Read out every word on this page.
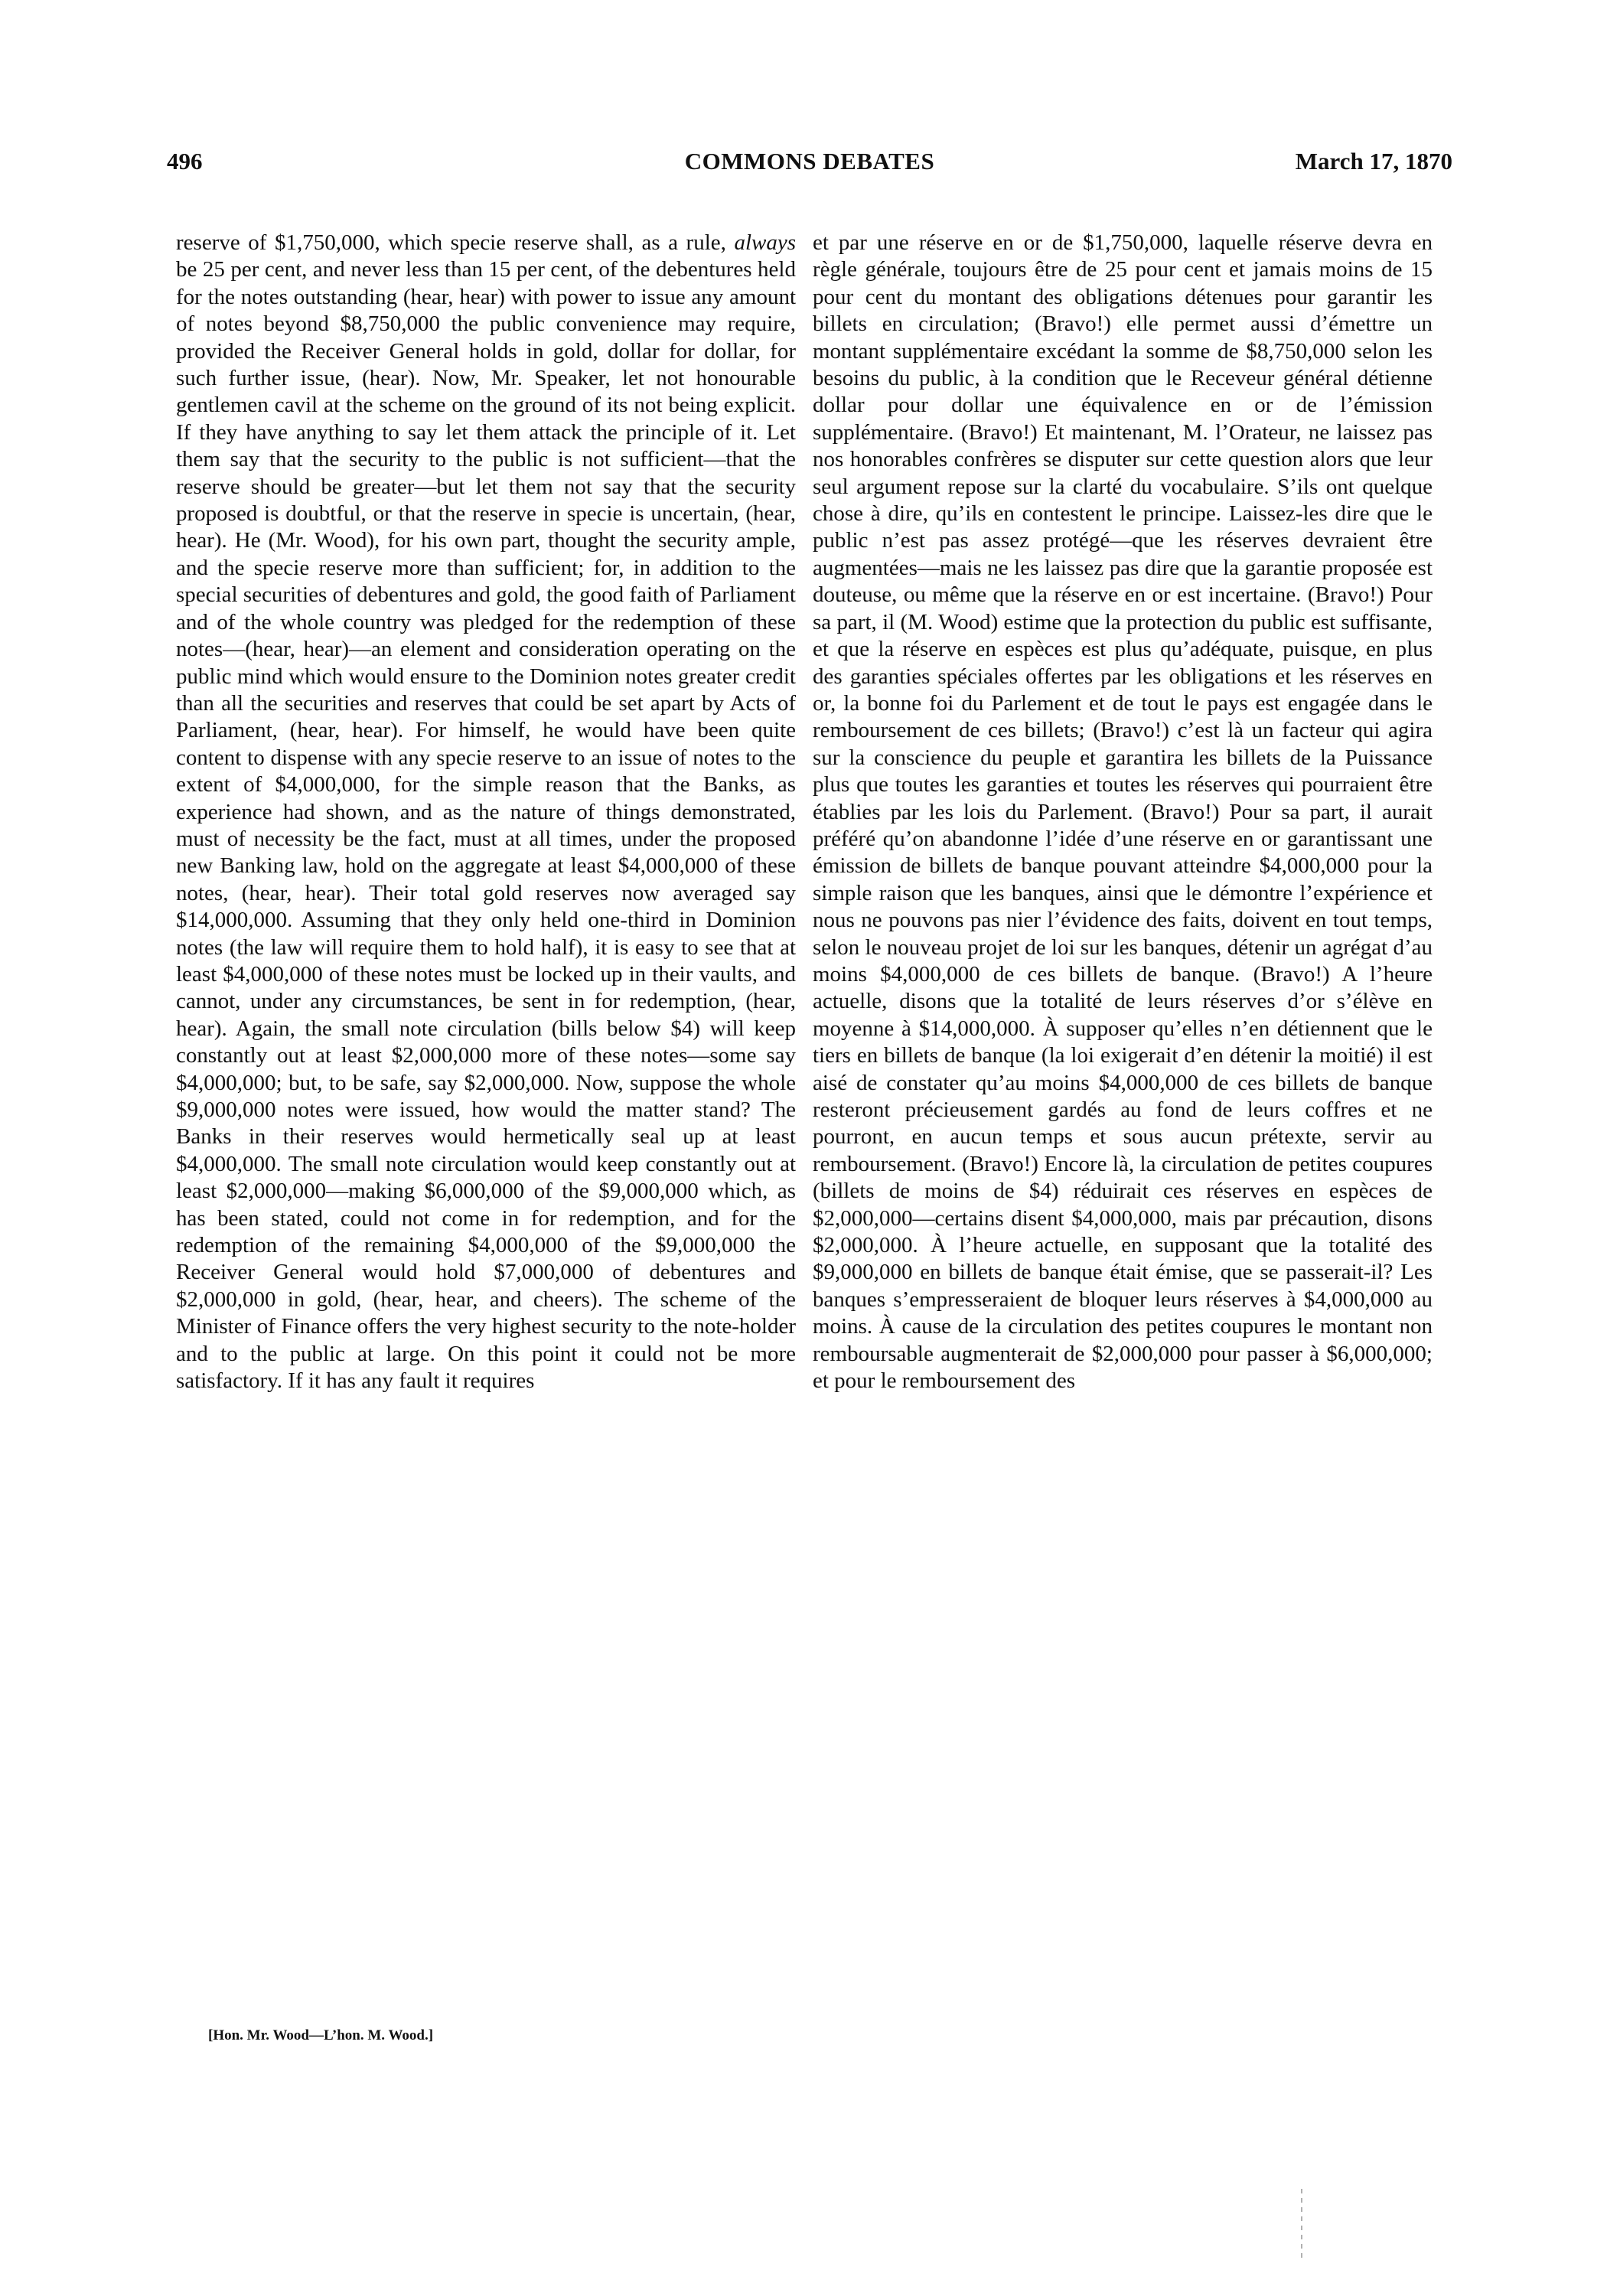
496	COMMONS DEBATES	March 17, 1870

reserve of $1,750,000, which specie reserve shall, as a rule, always be 25 per cent, and never less than 15 per cent, of the debentures held for the notes outstanding (hear, hear) with power to issue any amount of notes beyond $8,750,000 the public convenience may require, provided the Receiver General holds in gold, dollar for dollar, for such further issue, (hear). Now, Mr. Speaker, let not honourable gentlemen cavil at the scheme on the ground of its not being explicit. If they have anything to say let them attack the principle of it. Let them say that the security to the public is not sufficient—that the reserve should be greater—but let them not say that the security proposed is doubtful, or that the reserve in specie is uncertain, (hear, hear). He (Mr. Wood), for his own part, thought the security ample, and the specie reserve more than sufficient; for, in addition to the special securities of debentures and gold, the good faith of Parliament and of the whole country was pledged for the redemption of these notes—(hear, hear)—an element and consideration operating on the public mind which would ensure to the Dominion notes greater credit than all the securities and reserves that could be set apart by Acts of Parliament, (hear, hear). For himself, he would have been quite content to dispense with any specie reserve to an issue of notes to the extent of $4,000,000, for the simple reason that the Banks, as experience had shown, and as the nature of things demonstrated, must of necessity be the fact, must at all times, under the proposed new Banking law, hold on the aggregate at least $4,000,000 of these notes, (hear, hear). Their total gold reserves now averaged say $14,000,000. Assuming that they only held one-third in Dominion notes (the law will require them to hold half), it is easy to see that at least $4,000,000 of these notes must be locked up in their vaults, and cannot, under any circumstances, be sent in for redemption, (hear, hear). Again, the small note circulation (bills below $4) will keep constantly out at least $2,000,000 more of these notes—some say $4,000,000; but, to be safe, say $2,000,000. Now, suppose the whole $9,000,000 notes were issued, how would the matter stand? The Banks in their reserves would hermetically seal up at least $4,000,000. The small note circulation would keep constantly out at least $2,000,000—making $6,000,000 of the $9,000,000 which, as has been stated, could not come in for redemption, and for the redemption of the remaining $4,000,000 of the $9,000,000 the Receiver General would hold $7,000,000 of debentures and $2,000,000 in gold, (hear, hear, and cheers). The scheme of the Minister of Finance offers the very highest security to the note-holder and to the public at large. On this point it could not be more satisfactory. If it has any fault it requires

et par une réserve en or de $1,750,000, laquelle réserve devra en règle générale, toujours être de 25 pour cent et jamais moins de 15 pour cent du montant des obligations détenues pour garantir les billets en circulation; (Bravo!) elle permet aussi d’émettre un montant supplémentaire excédant la somme de $8,750,000 selon les besoins du public, à la condition que le Receveur général détienne dollar pour dollar une équivalence en or de l’émission supplémentaire. (Bravo!) Et maintenant, M. l’Orateur, ne laissez pas nos honorables confrères se disputer sur cette question alors que leur seul argument repose sur la clarté du vocabulaire. S’ils ont quelque chose à dire, qu’ils en contestent le principe. Laissez-les dire que le public n’est pas assez protégé—que les réserves devraient être augmentées—mais ne les laissez pas dire que la garantie proposée est douteuse, ou même que la réserve en or est incertaine. (Bravo!) Pour sa part, il (M. Wood) estime que la protection du public est suffisante, et que la réserve en espèces est plus qu’adéquate, puisque, en plus des garanties spéciales offertes par les obligations et les réserves en or, la bonne foi du Parlement et de tout le pays est engagée dans le remboursement de ces billets; (Bravo!) c’est là un facteur qui agira sur la conscience du peuple et garantira les billets de la Puissance plus que toutes les garanties et toutes les réserves qui pourraient être établies par les lois du Parlement. (Bravo!) Pour sa part, il aurait préféré qu’on abandonne l’idée d’une réserve en or garantissant une émission de billets de banque pouvant atteindre $4,000,000 pour la simple raison que les banques, ainsi que le démontre l’expérience et nous ne pouvons pas nier l’évidence des faits, doivent en tout temps, selon le nouveau projet de loi sur les banques, détenir un agrégat d’au moins $4,000,000 de ces billets de banque. (Bravo!) A l’heure actuelle, disons que la totalité de leurs réserves d’or s’élève en moyenne à $14,000,000. À supposer qu’elles n’en détiennent que le tiers en billets de banque (la loi exigerait d’en détenir la moitié) il est aisé de constater qu’au moins $4,000,000 de ces billets de banque resteront précieusement gardés au fond de leurs coffres et ne pourront, en aucun temps et sous aucun prétexte, servir au remboursement. (Bravo!) Encore là, la circulation de petites coupures (billets de moins de $4) réduirait ces réserves en espèces de $2,000,000—certains disent $4,000,000, mais par précaution, disons $2,000,000. À l’heure actuelle, en supposant que la totalité des $9,000,000 en billets de banque était émise, que se passerait-il? Les banques s’empresseraient de bloquer leurs réserves à $4,000,000 au moins. À cause de la circulation des petites coupures le montant non remboursable augmenterait de $2,000,000 pour passer à $6,000,000; et pour le remboursement des

[Hon. Mr. Wood—L’hon. M. Wood.]
